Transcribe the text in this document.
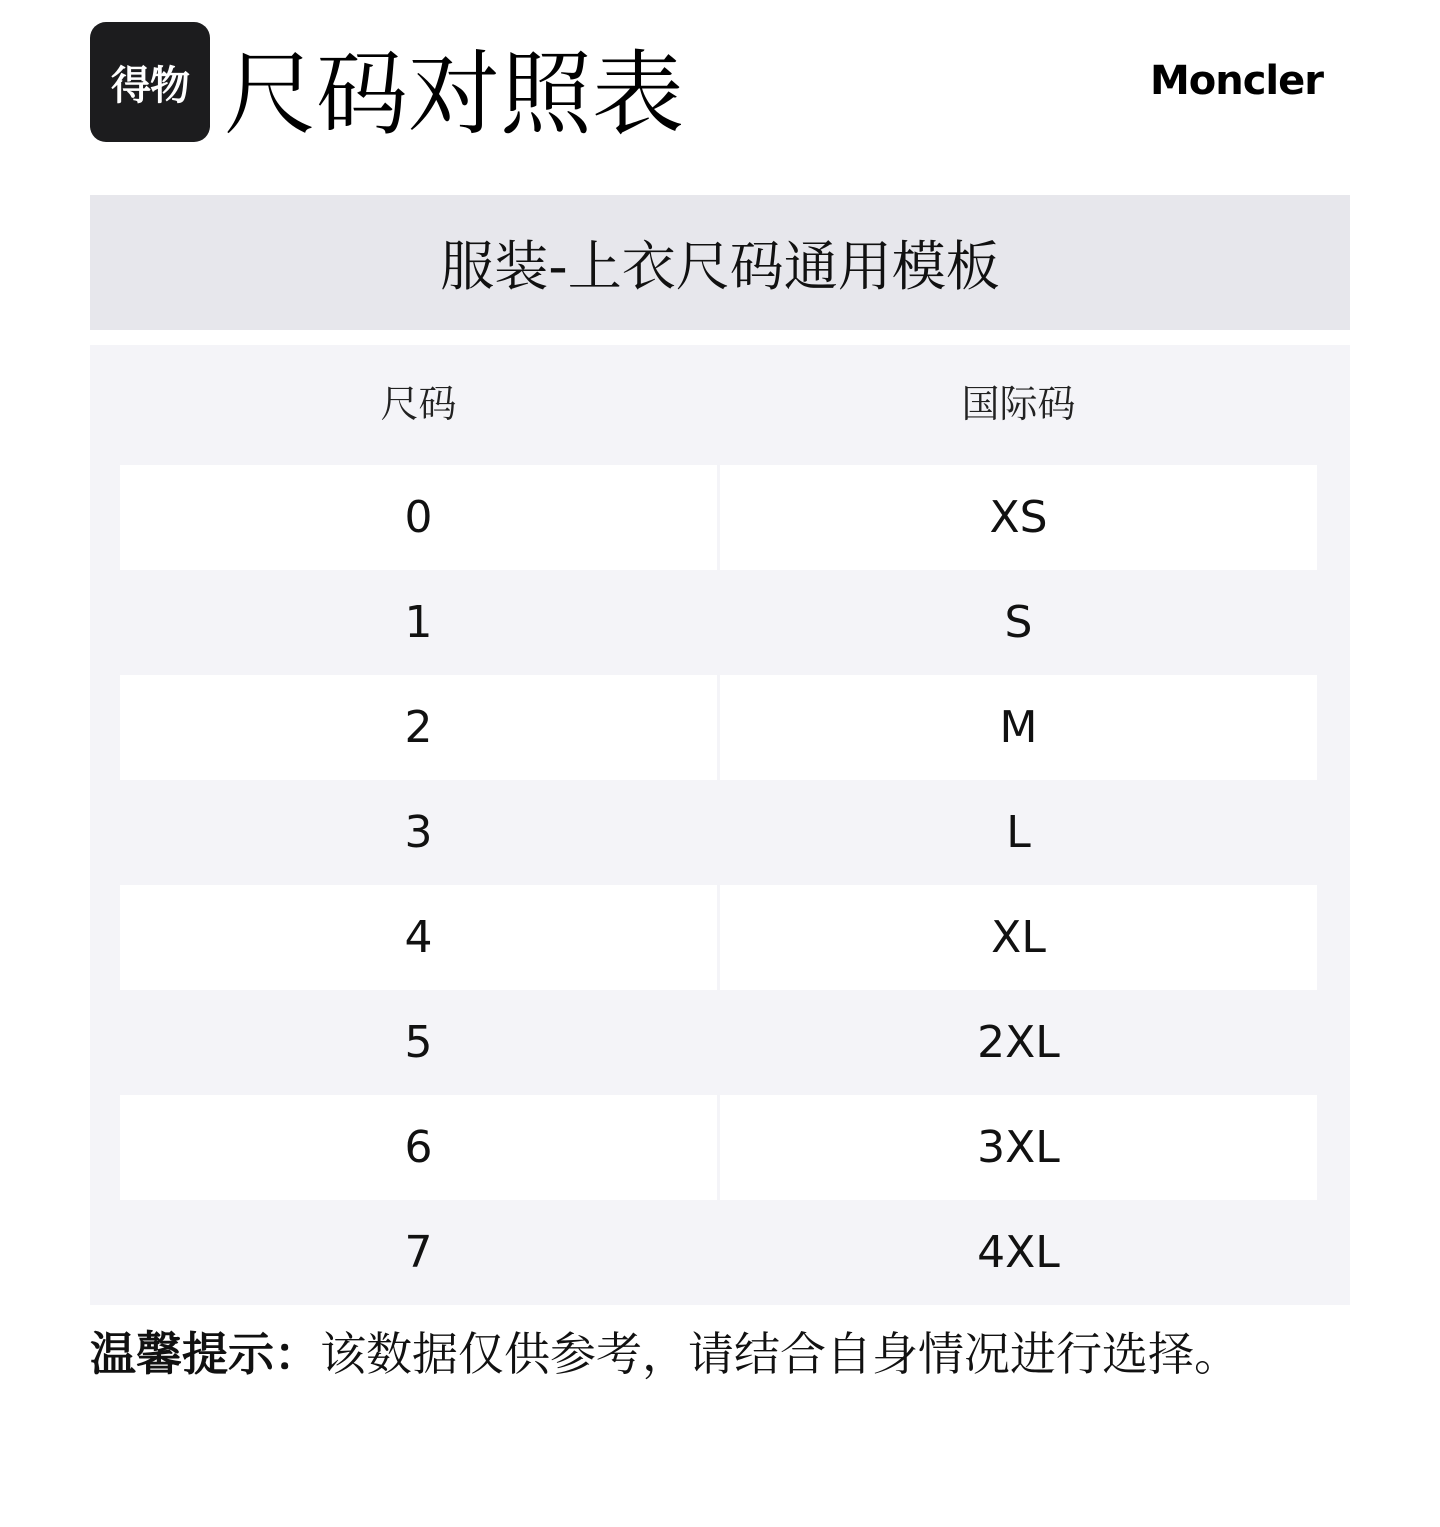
得物 尺码对照表	Moncler
服装-上衣尺码通用模板
尺码	国际码
0	XS
1	S
2	M
3	L
4	XL
5	2XL
6	3XL
7	4XL
温馨提示：该数据仅供参考，请结合自身情况进行选择。
